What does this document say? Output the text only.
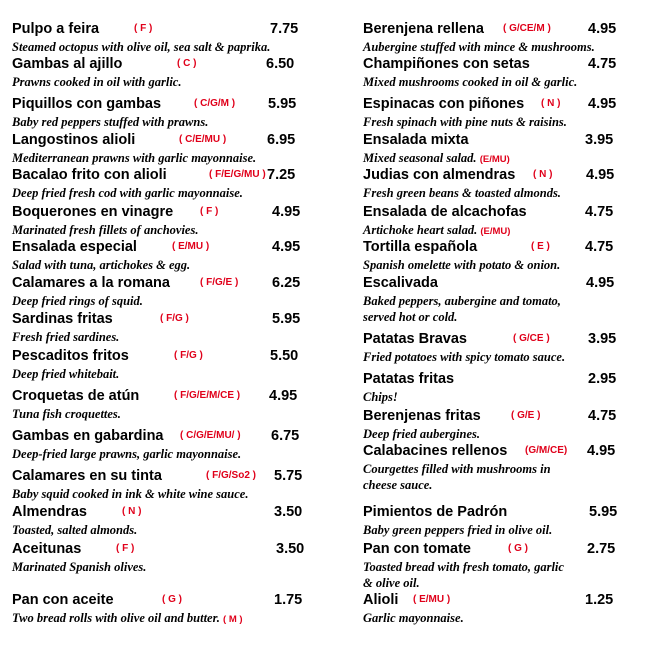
Pulpo a feira	( F )	7.75
Steamed octopus with olive oil, sea salt & paprika.
Gambas al ajillo	( C )	6.50
Prawns cooked in oil with garlic.
Piquillos con gambas	( C/G/M ) 5.95
Baby red peppers stuffed with prawns.
Langostinos alioli	( C/E/MU )	6.95
Mediterranean prawns with garlic mayonnaise.
Bacalao frito con alioli	( F/E/G/MU ) 7.25
Deep fried fresh cod with garlic mayonnaise.
Boquerones en vinagre	( F )	4.95
Marinated fresh fillets of anchovies.
Ensalada especial	( E/MU )	4.95
Salad with tuna, artichokes & egg.
Calamares a la romana	( F/G/E ) 6.25
Deep fried rings of squid.
Sardinas fritas	( F/G )	5.95
Fresh fried sardines.
Pescaditos fritos	( F/G )	5.50
Deep fried whitebait.
Croquetas de atún	( F/G/E/M/CE ) 4.95
Tuna fish croquettes.
Gambas en gabardina ( C/G/E/MU/ ) 6.75
Deep-fried large prawns, garlic mayonnaise.
Calamares en su tinta	( F/G/So2 ) 5.75
Baby squid cooked in ink & white wine sauce.
Almendras	( N )	3.50
Toasted, salted almonds.
Aceitunas	( F )	3.50
Marinated Spanish olives.
Pan con aceite	( G )	1.75
Two bread rolls with olive oil and butter. ( M )
Berenjena rellena ( G/CE/M )	4.95
Aubergine stuffed with mince & mushrooms.
Champiñones con setas	4.75
Mixed mushrooms cooked in oil & garlic.
Espinacas con piñones ( N ) 4.95
Fresh spinach with pine nuts & raisins.
Ensalada mixta	3.95
Mixed seasonal salad. (E/MU)
Judias con almendras ( N ) 4.95
Fresh green beans & toasted almonds.
Ensalada de alcachofas	4.75
Artichoke heart salad. (E/MU)
Tortilla española	( E ) 4.75
Spanish omelette with potato & onion.
Escalivada	4.95
Baked peppers, aubergine and tomato,
served hot or cold.
Patatas Bravas	( G/CE )	3.95
Fried potatoes with spicy tomato sauce.
Patatas fritas	2.95
Chips!
Berenjenas fritas	( G/E )	4.75
Deep fried aubergines.
Calabacines rellenos (G/M/CE) 4.95
Courgettes filled with mushrooms in
cheese sauce.
Pimientos de Padrón	5.95
Baby green peppers fried in olive oil.
Pan con tomate	( G )	2.75
Toasted bread with fresh tomato, garlic
& olive oil.
Alioli ( E/MU )	1.25
Garlic mayonnaise.
